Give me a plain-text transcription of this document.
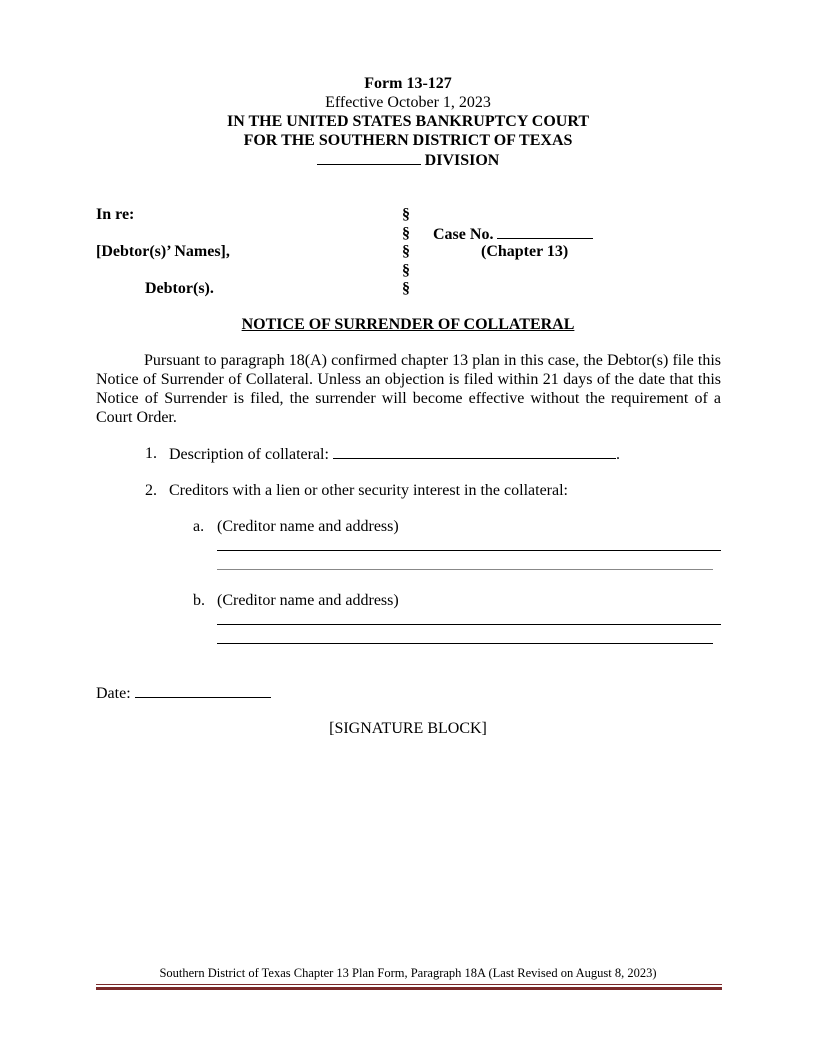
Form 13-127
Effective October 1, 2023
IN THE UNITED STATES BANKRUPTCY COURT
FOR THE SOUTHERN DISTRICT OF TEXAS
DIVISION
In re:
[Debtor(s)’ Names],
Debtor(s).
§
§
§
§
§
Case No.
(Chapter 13)
NOTICE OF SURRENDER OF COLLATERAL
Pursuant to paragraph 18(A) confirmed chapter 13 plan in this case, the Debtor(s) file this Notice of Surrender of Collateral. Unless an objection is filed within 21 days of the date that this Notice of Surrender is filed, the surrender will become effective without the requirement of a Court Order.
1. Description of collateral:	.
2. Creditors with a lien or other security interest in the collateral:
a. (Creditor name and address)
b. (Creditor name and address)
Date:
[SIGNATURE BLOCK]
Southern District of Texas Chapter 13 Plan Form, Paragraph 18A (Last Revised on August 8, 2023)
